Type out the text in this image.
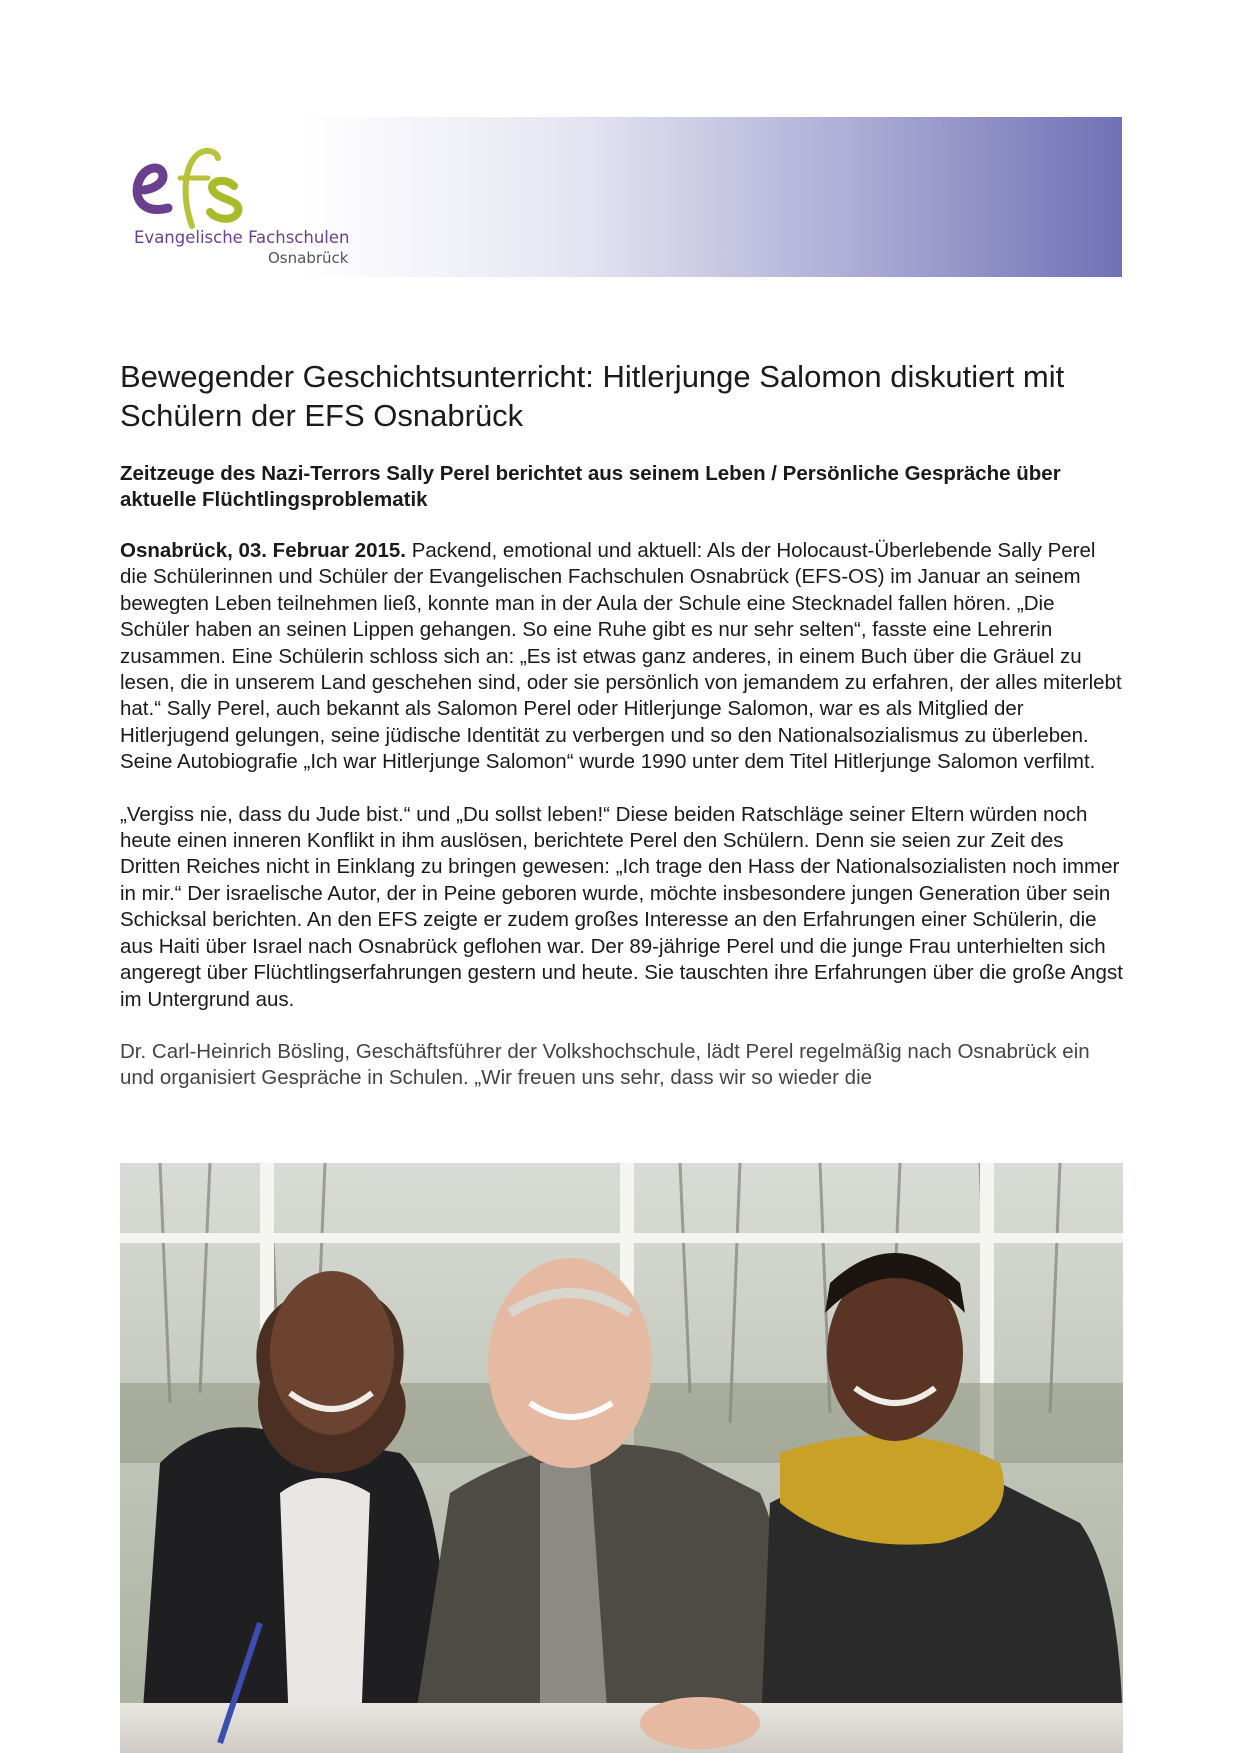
Evangelische Fachschulen
Osnabrück
Bewegender Geschichtsunterricht: Hitlerjunge Salomon diskutiert mit Schülern der EFS Osnabrück
Zeitzeuge des Nazi-Terrors Sally Perel berichtet aus seinem Leben / Persönliche Gespräche über aktuelle Flüchtlingsproblematik

Osnabrück, 03. Februar 2015. Packend, emotional und aktuell: Als der Holocaust-Überlebende Sally Perel die Schülerinnen und Schüler der Evangelischen Fachschulen Osnabrück (EFS-OS) im Januar an seinem bewegten Leben teilnehmen ließ, konnte man in der Aula der Schule eine Stecknadel fallen hören. „Die Schüler haben an seinen Lippen gehangen. So eine Ruhe gibt es nur sehr selten“, fasste eine Lehrerin zusammen. Eine Schülerin schloss sich an: „Es ist etwas ganz anderes, in einem Buch über die Gräuel zu lesen, die in unserem Land geschehen sind, oder sie persönlich von jemandem zu erfahren, der alles miterlebt hat.“ Sally Perel, auch bekannt als Salomon Perel oder Hitlerjunge Salomon, war es als Mitglied der Hitlerjugend gelungen, seine jüdische Identität zu verbergen und so den Nationalsozialismus zu überleben. Seine Autobiografie „Ich war Hitlerjunge Salomon“ wurde 1990 unter dem Titel Hitlerjunge Salomon verfilmt.

„Vergiss nie, dass du Jude bist.“ und „Du sollst leben!“ Diese beiden Ratschläge seiner Eltern würden noch heute einen inneren Konflikt in ihm auslösen, berichtete Perel den Schülern. Denn sie seien zur Zeit des Dritten Reiches nicht in Einklang zu bringen gewesen: „Ich trage den Hass der Nationalsozialisten noch immer in mir.“ Der israelische Autor, der in Peine geboren wurde, möchte insbesondere jungen Generation über sein Schicksal berichten. An den EFS zeigte er zudem großes Interesse an den Erfahrungen einer Schülerin, die aus Haiti über Israel nach Osnabrück geflohen war. Der 89-jährige Perel und die junge Frau unterhielten sich angeregt über Flüchtlingserfahrungen gestern und heute. Sie tauschten ihre Erfahrungen über die große Angst im Untergrund aus.

Dr. Carl-Heinrich Bösling, Geschäftsführer der Volkshochschule, lädt Perel regelmäßig nach Osnabrück ein und organisiert Gespräche in Schulen. „Wir freuen uns sehr, dass wir so wieder die
